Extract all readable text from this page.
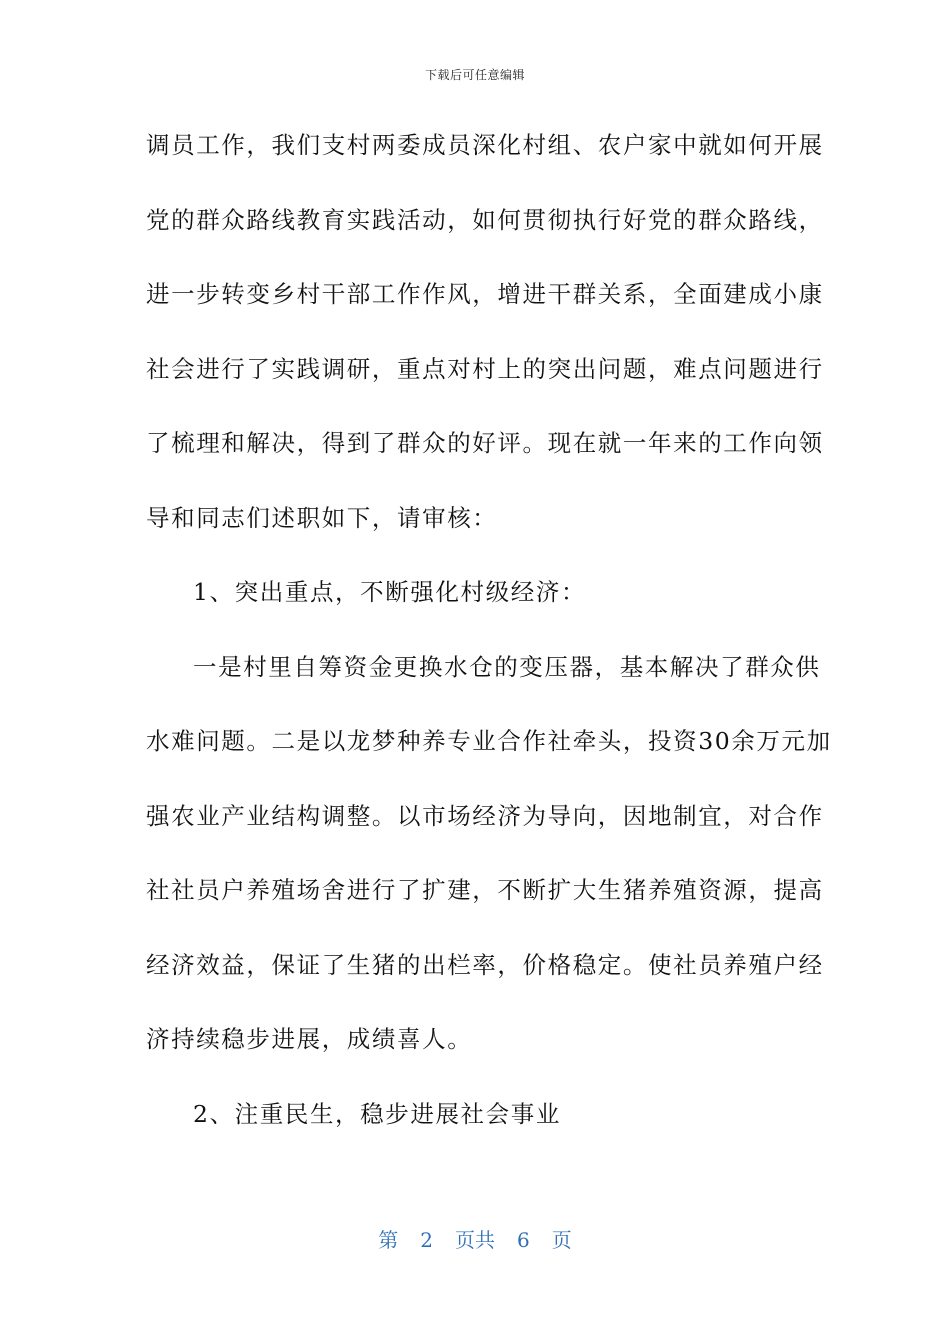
下载后可任意编辑
调员工作，我们支村两委成员深化村组、农户家中就如何开展
党的群众路线教育实践活动，如何贯彻执行好党的群众路线，
进一步转变乡村干部工作作风，增进干群关系，全面建成小康
社会进行了实践调研，重点对村上的突出问题，难点问题进行
了梳理和解决，得到了群众的好评。现在就一年来的工作向领
导和同志们述职如下，请审核：
1、突出重点，不断强化村级经济：
一是村里自筹资金更换水仓的变压器，基本解决了群众供
水难问题。二是以龙梦种养专业合作社牵头，投资30余万元加
强农业产业结构调整。以市场经济为导向，因地制宜，对合作
社社员户养殖场舍进行了扩建，不断扩大生猪养殖资源，提高
经济效益，保证了生猪的出栏率，价格稳定。使社员养殖户经
济持续稳步进展，成绩喜人。
2、注重民生，稳步进展社会事业
第 2 页共 6 页
